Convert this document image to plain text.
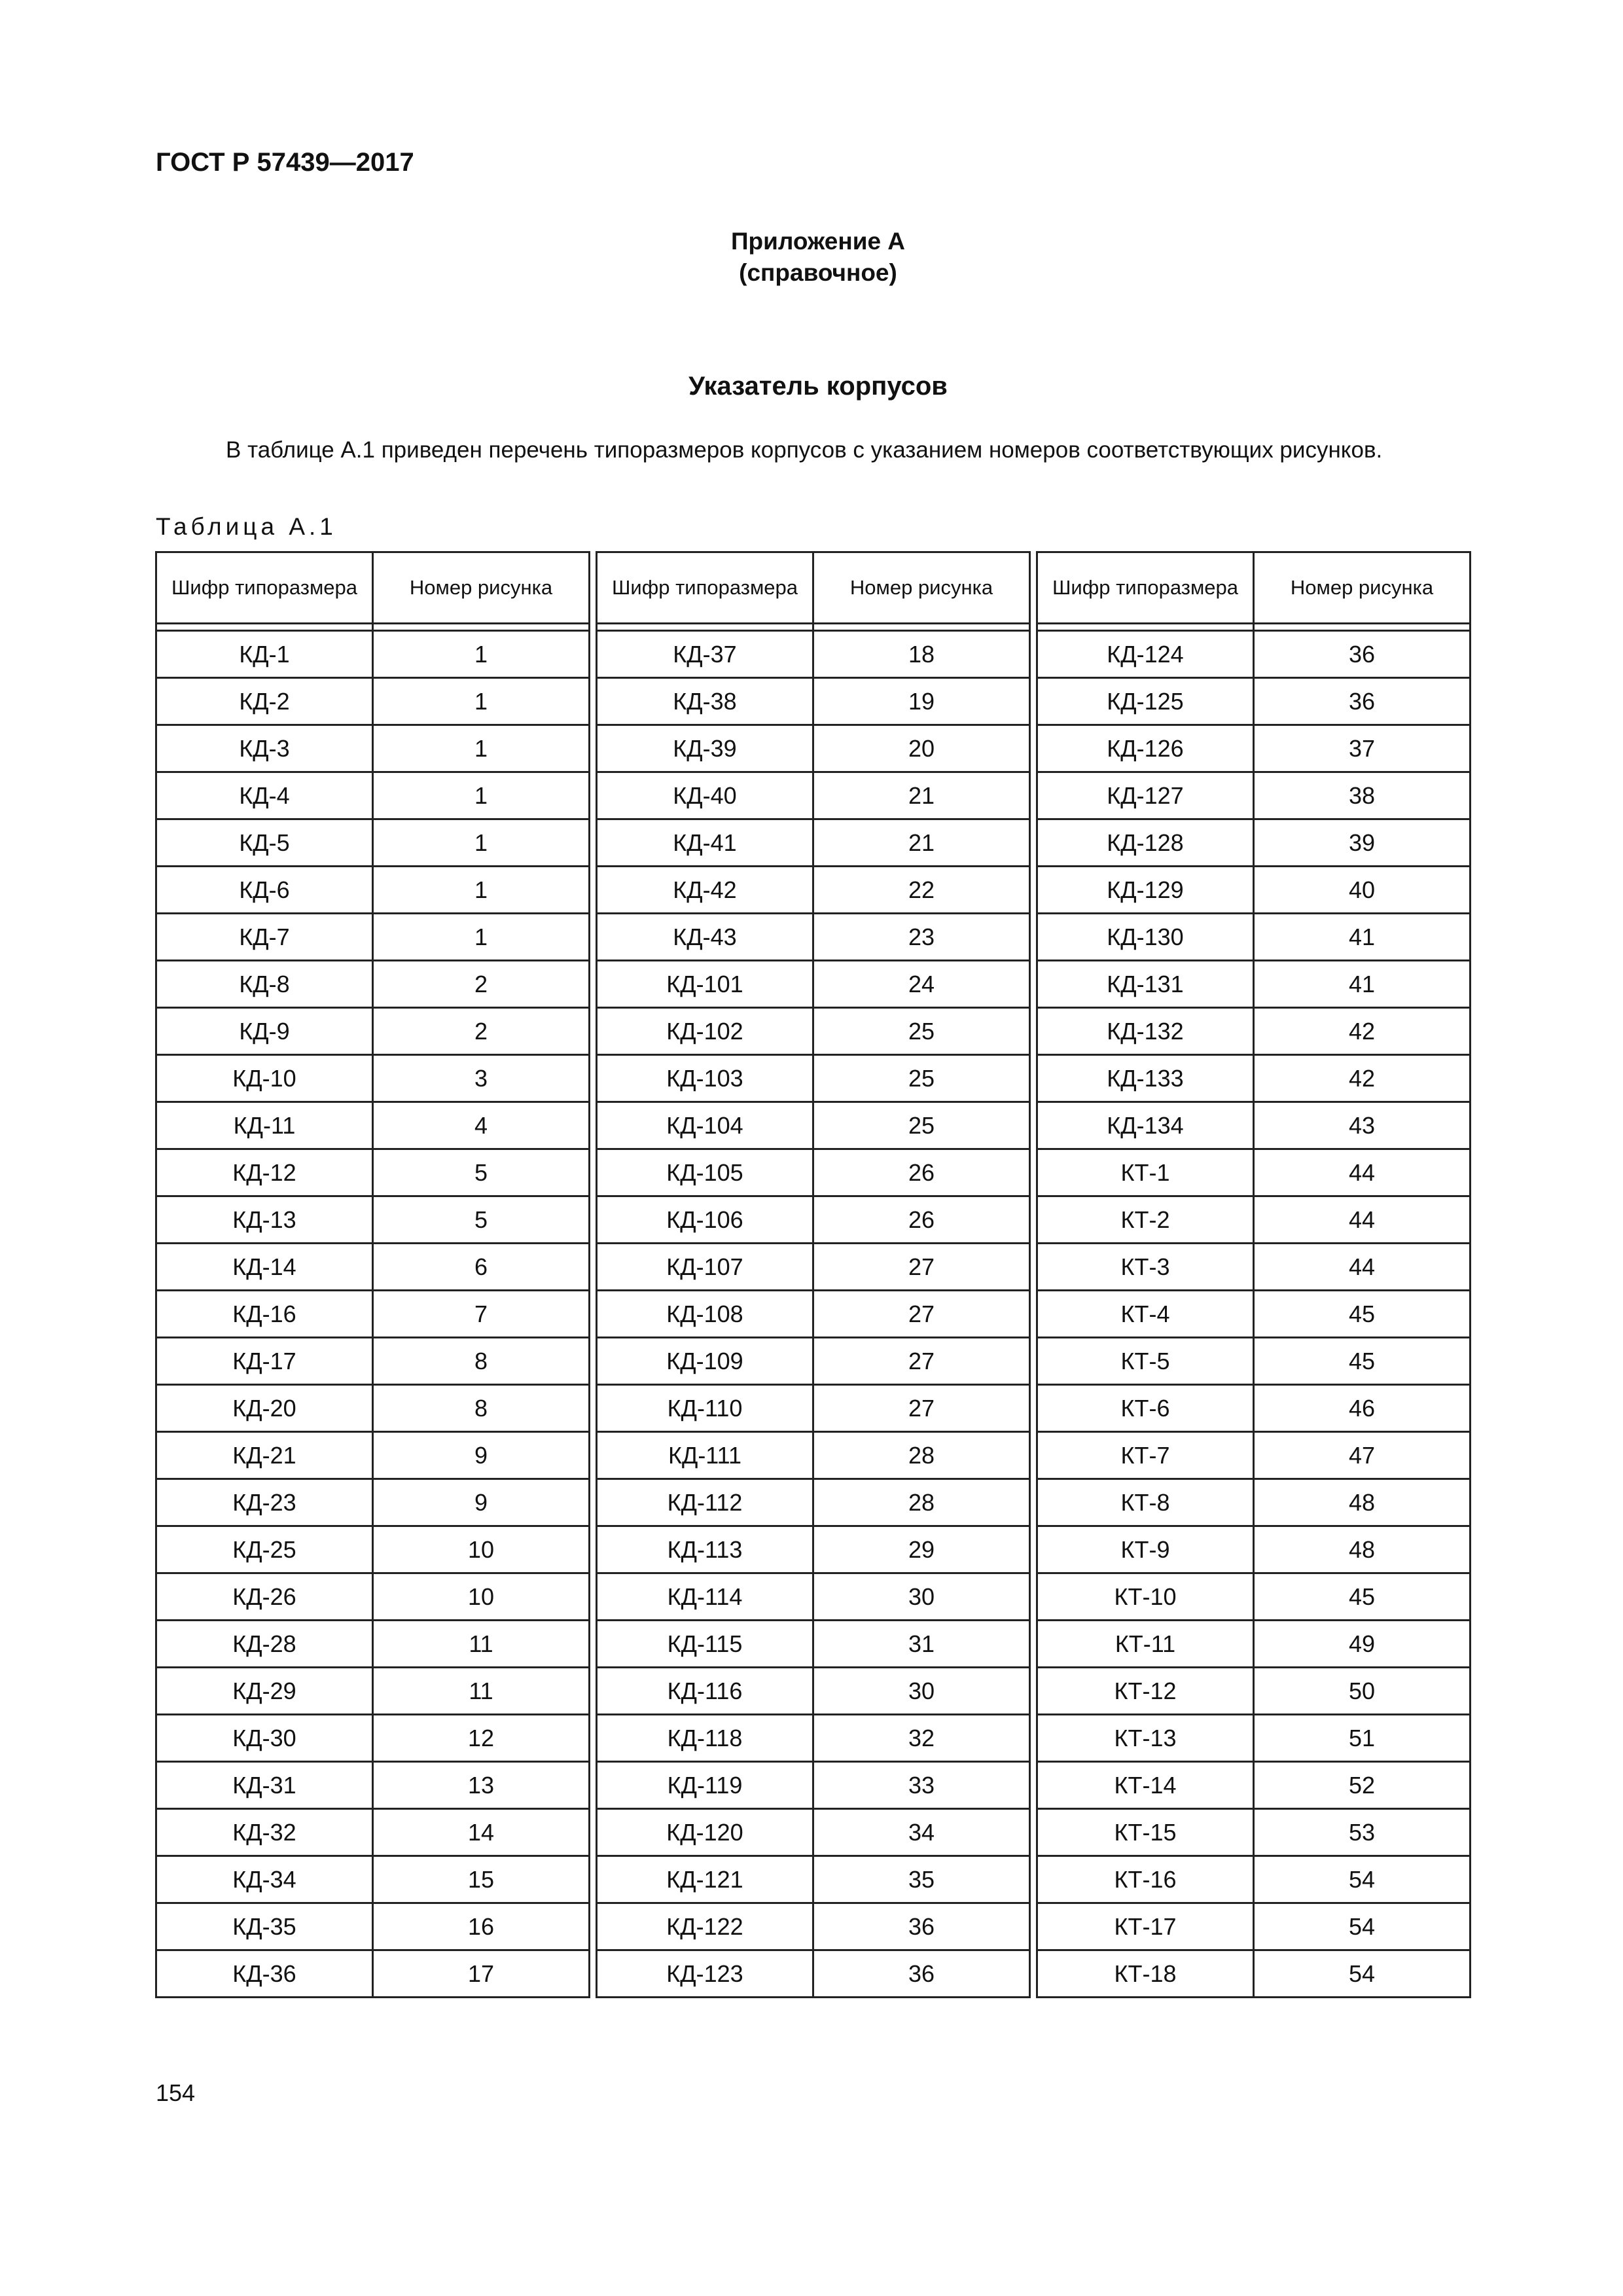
ГОСТ Р 57439—2017
Приложение А
(справочное)
Указатель корпусов
В таблице А.1 приведен перечень типоразмеров корпусов с указанием номеров соответствующих рисунков.
Таблица А.1
Шифр типоразмера	Номер рисунка

КД-1	1
КД-2	1
КД-3	1
КД-4	1
КД-5	1
КД-6	1
КД-7	1
КД-8	2
КД-9	2
КД-10	3
КД-11	4
КД-12	5
КД-13	5
КД-14	6
КД-16	7
КД-17	8
КД-20	8
КД-21	9
КД-23	9
КД-25	10
КД-26	10
КД-28	11
КД-29	11
КД-30	12
КД-31	13
КД-32	14
КД-34	15
КД-35	16
КД-36	17
Шифр типоразмера	Номер рисунка

КД-37	18
КД-38	19
КД-39	20
КД-40	21
КД-41	21
КД-42	22
КД-43	23
КД-101	24
КД-102	25
КД-103	25
КД-104	25
КД-105	26
КД-106	26
КД-107	27
КД-108	27
КД-109	27
КД-110	27
КД-111	28
КД-112	28
КД-113	29
КД-114	30
КД-115	31
КД-116	30
КД-118	32
КД-119	33
КД-120	34
КД-121	35
КД-122	36
КД-123	36
Шифр типоразмера	Номер рисунка

КД-124	36
КД-125	36
КД-126	37
КД-127	38
КД-128	39
КД-129	40
КД-130	41
КД-131	41
КД-132	42
КД-133	42
КД-134	43
КТ-1	44
КТ-2	44
КТ-3	44
КТ-4	45
КТ-5	45
КТ-6	46
КТ-7	47
КТ-8	48
КТ-9	48
КТ-10	45
КТ-11	49
КТ-12	50
КТ-13	51
КТ-14	52
КТ-15	53
КТ-16	54
КТ-17	54
КТ-18	54
154
